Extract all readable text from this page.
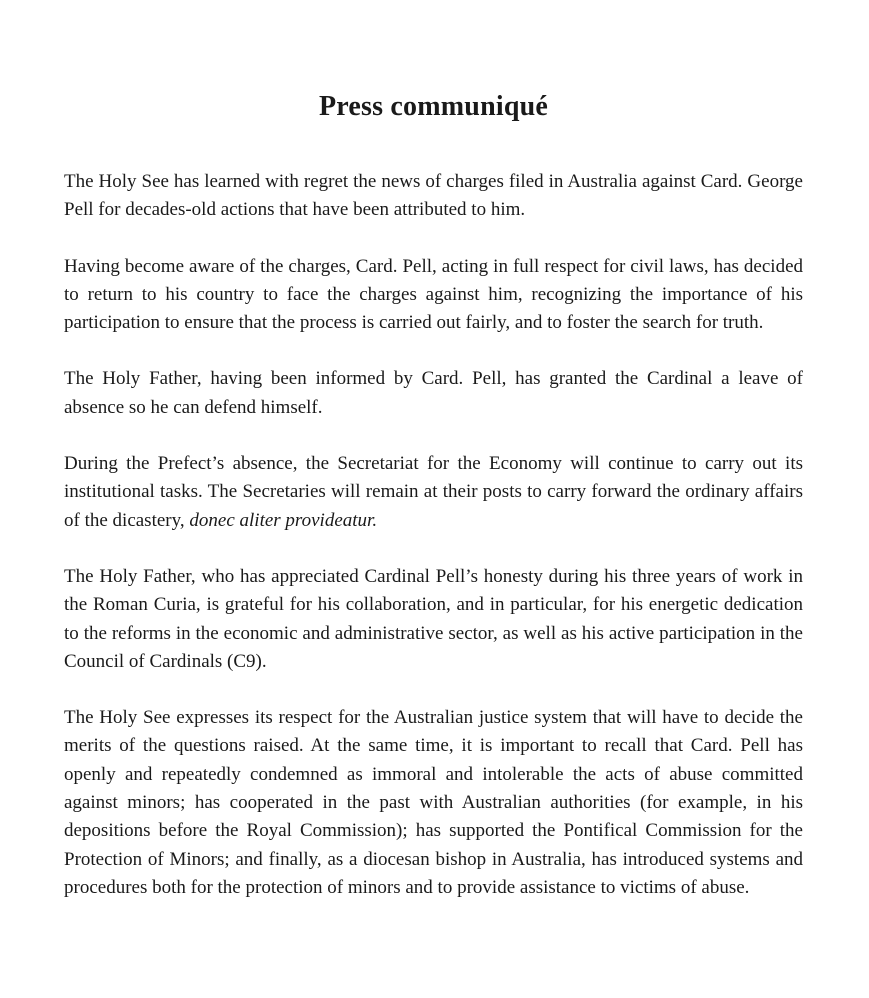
Press communiqué

The Holy See has learned with regret the news of charges filed in Australia against Card. George Pell for decades-old actions that have been attributed to him.

Having become aware of the charges, Card. Pell, acting in full respect for civil laws, has decided to return to his country to face the charges against him, recognizing the importance of his participation to ensure that the process is carried out fairly, and to foster the search for truth.

The Holy Father, having been informed by Card. Pell, has granted the Cardinal a leave of absence so he can defend himself.

During the Prefect’s absence, the Secretariat for the Economy will continue to carry out its institutional tasks. The Secretaries will remain at their posts to carry forward the ordinary affairs of the dicastery, donec aliter provideatur.

The Holy Father, who has appreciated Cardinal Pell’s honesty during his three years of work in the Roman Curia, is grateful for his collaboration, and in particular, for his energetic dedication to the reforms in the economic and administrative sector, as well as his active participation in the Council of Cardinals (C9).

The Holy See expresses its respect for the Australian justice system that will have to decide the merits of the questions raised. At the same time, it is important to recall that Card. Pell has openly and repeatedly condemned as immoral and intolerable the acts of abuse committed against minors; has cooperated in the past with Australian authorities (for example, in his depositions before the Royal Commission); has supported the Pontifical Commission for the Protection of Minors; and finally, as a diocesan bishop in Australia, has introduced systems and procedures both for the protection of minors and to provide assistance to victims of abuse.
